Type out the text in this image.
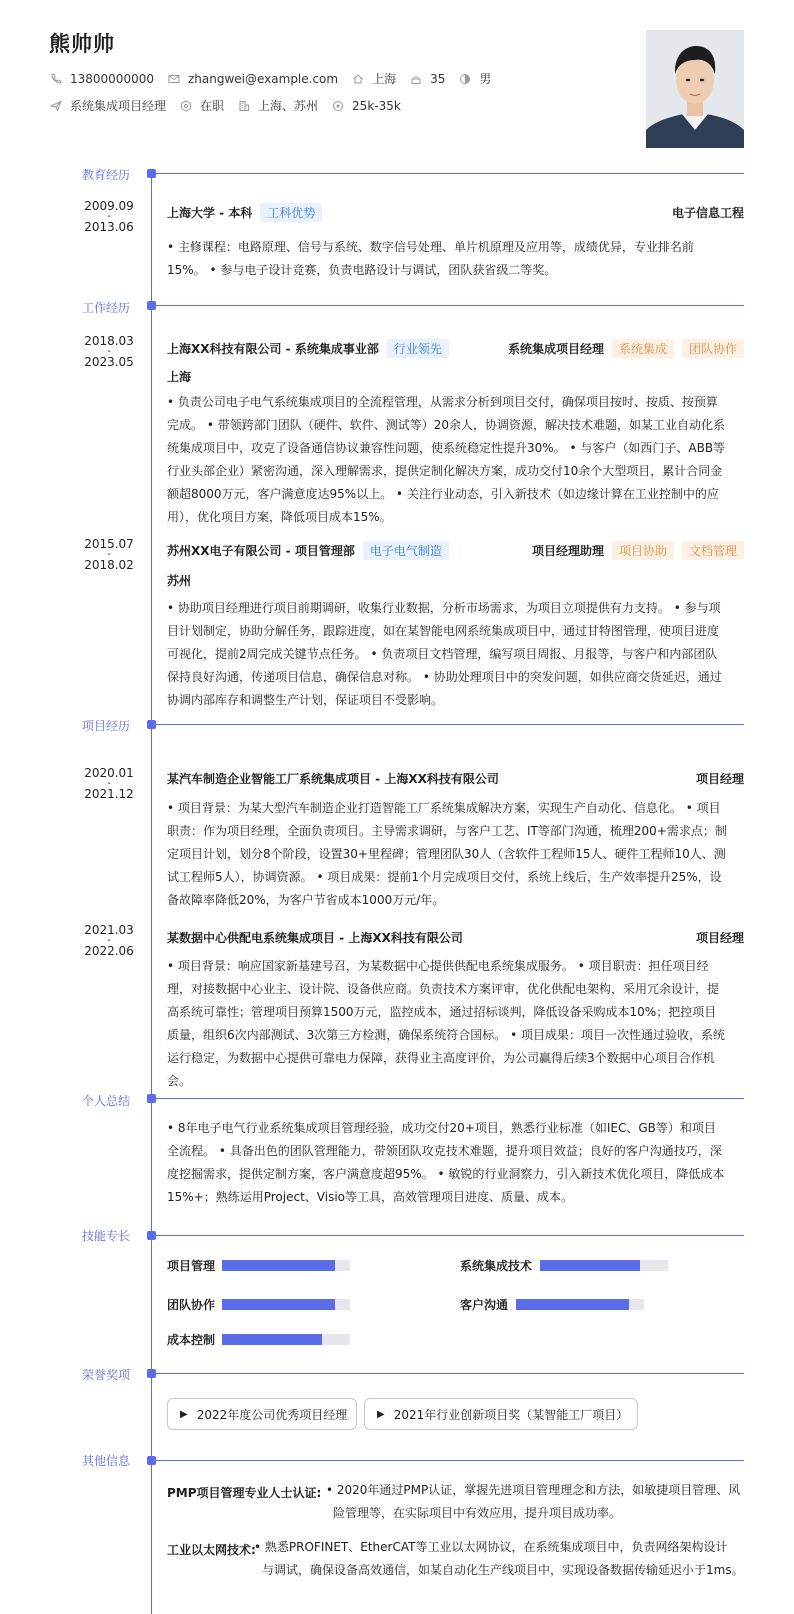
熊帅帅
13800000000	zhangwei@example.com	上海	35	男
系统集成项目经理	在职	上海、苏州	25k-35k
教育经历
2009.09
-
2013.06
上海大学 - 本科	工科优势	电子信息工程
• 主修课程：电路原理、信号与系统、数字信号处理、单片机原理及应用等，成绩优异，专业排名前15%。 • 参与电子设计竞赛，负责电路设计与调试，团队获省级二等奖。
工作经历
2018.03
-
2023.05
上海XX科技有限公司 - 系统集成事业部	行业领先	系统集成项目经理	系统集成	团队协作
上海
• 负责公司电子电气系统集成项目的全流程管理，从需求分析到项目交付，确保项目按时、按质、按预算完成。 • 带领跨部门团队（硬件、软件、测试等）20余人，协调资源，解决技术难题，如某工业自动化系统集成项目中，攻克了设备通信协议兼容性问题，使系统稳定性提升30%。 • 与客户（如西门子、ABB等行业头部企业）紧密沟通，深入理解需求，提供定制化解决方案，成功交付10余个大型项目，累计合同金额超8000万元，客户满意度达95%以上。 • 关注行业动态，引入新技术（如边缘计算在工业控制中的应用），优化项目方案，降低项目成本15%。
2015.07
-
2018.02
苏州XX电子有限公司 - 项目管理部	电子电气制造	项目经理助理	项目协助	文档管理
苏州
• 协助项目经理进行项目前期调研，收集行业数据，分析市场需求，为项目立项提供有力支持。 • 参与项目计划制定，协助分解任务，跟踪进度，如在某智能电网系统集成项目中，通过甘特图管理，使项目进度可视化，提前2周完成关键节点任务。 • 负责项目文档管理，编写项目周报、月报等，与客户和内部团队保持良好沟通，传递项目信息，确保信息对称。 • 协助处理项目中的突发问题，如供应商交货延迟，通过协调内部库存和调整生产计划，保证项目不受影响。
项目经历
2020.01
-
2021.12
某汽车制造企业智能工厂系统集成项目 - 上海XX科技有限公司	项目经理
• 项目背景：为某大型汽车制造企业打造智能工厂系统集成解决方案，实现生产自动化、信息化。 • 项目职责：作为项目经理，全面负责项目。主导需求调研，与客户工艺、IT等部门沟通，梳理200+需求点；制定项目计划，划分8个阶段，设置30+里程碑；管理团队30人（含软件工程师15人、硬件工程师10人、测试工程师5人），协调资源。 • 项目成果：提前1个月完成项目交付，系统上线后，生产效率提升25%，设备故障率降低20%，为客户节省成本1000万元/年。
2021.03
-
2022.06
某数据中心供配电系统集成项目 - 上海XX科技有限公司	项目经理
• 项目背景：响应国家新基建号召，为某数据中心提供供配电系统集成服务。 • 项目职责：担任项目经理，对接数据中心业主、设计院、设备供应商。负责技术方案评审，优化供配电架构，采用冗余设计，提高系统可靠性；管理项目预算1500万元，监控成本，通过招标谈判，降低设备采购成本10%；把控项目质量，组织6次内部测试、3次第三方检测，确保系统符合国标。 • 项目成果：项目一次性通过验收，系统运行稳定，为数据中心提供可靠电力保障，获得业主高度评价，为公司赢得后续3个数据中心项目合作机会。
个人总结
• 8年电子电气行业系统集成项目管理经验，成功交付20+项目，熟悉行业标准（如IEC、GB等）和项目全流程。 • 具备出色的团队管理能力，带领团队攻克技术难题，提升项目效益；良好的客户沟通技巧，深度挖掘需求，提供定制方案，客户满意度超95%。 • 敏锐的行业洞察力，引入新技术优化项目，降低成本15%+；熟练运用Project、Visio等工具，高效管理项目进度、质量、成本。
技能专长
项目管理	系统集成技术
团队协作	客户沟通
成本控制
荣誉奖项
▶ 2022年度公司优秀项目经理	▶ 2021年行业创新项目奖（某智能工厂项目）
其他信息
PMP项目管理专业人士认证: • 2020年通过PMP认证，掌握先进项目管理理念和方法，如敏捷项目管理、风
险管理等，在实际项目中有效应用，提升项目成功率。
工业以太网技术:
• 熟悉PROFINET、EtherCAT等工业以太网协议，在系统集成项目中，负责网络架构设计
与调试，确保设备高效通信，如某自动化生产线项目中，实现设备数据传输延迟小于1ms。
